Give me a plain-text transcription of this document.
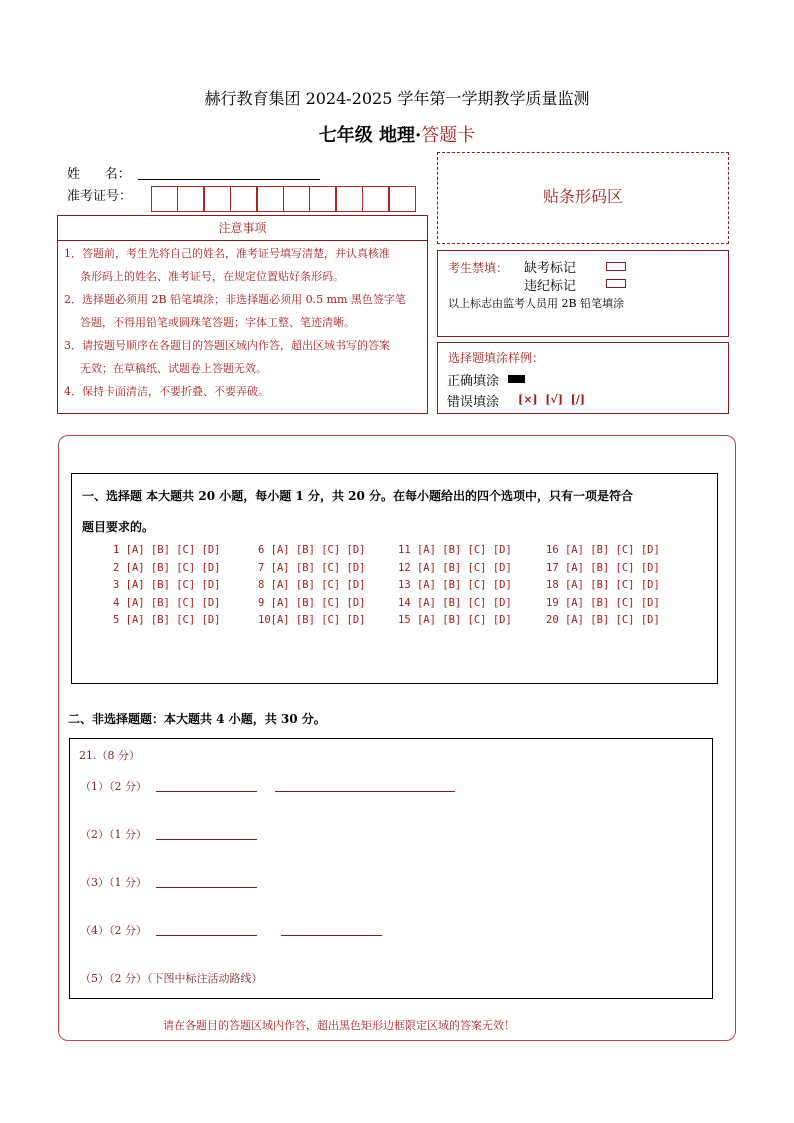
赫行教育集团 2024-2025 学年第一学期教学质量监测
七年级 地理·答题卡
姓      名：
准考证号：
注意事项
1．答题前，考生先将自己的姓名，准考证号填写清楚，并认真核准
条形码上的姓名、准考证号，在规定位置贴好条形码。
2．选择题必须用 2B 铅笔填涂；非选择题必须用 0.5 mm 黑色签字笔
答题，不得用铅笔或圆珠笔答题；字体工整、笔迹清晰。
3．请按题号顺序在各题目的答题区域内作答，超出区域书写的答案
无效；在草稿纸、试题卷上答题无效。
4．保持卡面清洁，不要折叠、不要弄破。
贴条形码区
考生禁填： 缺考标记
违纪标记
以上标志由监考人员用 2B 铅笔填涂
选择题填涂样例：
正确填涂
错误填涂 [×]  [√]  [/]
一、选择题 本大题共 20 小题，每小题 1 分，共 20 分。在每小题给出的四个选项中，只有一项是符合
题目要求的。
1 [A] [B] [C] [D]
2 [A] [B] [C] [D]
3 [A] [B] [C] [D]
4 [A] [B] [C] [D]
5 [A] [B] [C] [D]
6 [A] [B] [C] [D]
7 [A] [B] [C] [D]
8 [A] [B] [C] [D]
9 [A] [B] [C] [D]
10[A] [B] [C] [D]
11 [A] [B] [C] [D]
12 [A] [B] [C] [D]
13 [A] [B] [C] [D]
14 [A] [B] [C] [D]
15 [A] [B] [C] [D]
16 [A] [B] [C] [D]
17 [A] [B] [C] [D]
18 [A] [B] [C] [D]
19 [A] [B] [C] [D]
20 [A] [B] [C] [D]
二、非选择题题：本大题共 4 小题，共 30 分。
21.（8 分）
（1）（2 分）
（2）（1 分）
（3）（1 分）
（4）（2 分）
（5）（2 分）（下图中标注活动路线）
请在各题目的答题区域内作答，超出黑色矩形边框限定区域的答案无效！
